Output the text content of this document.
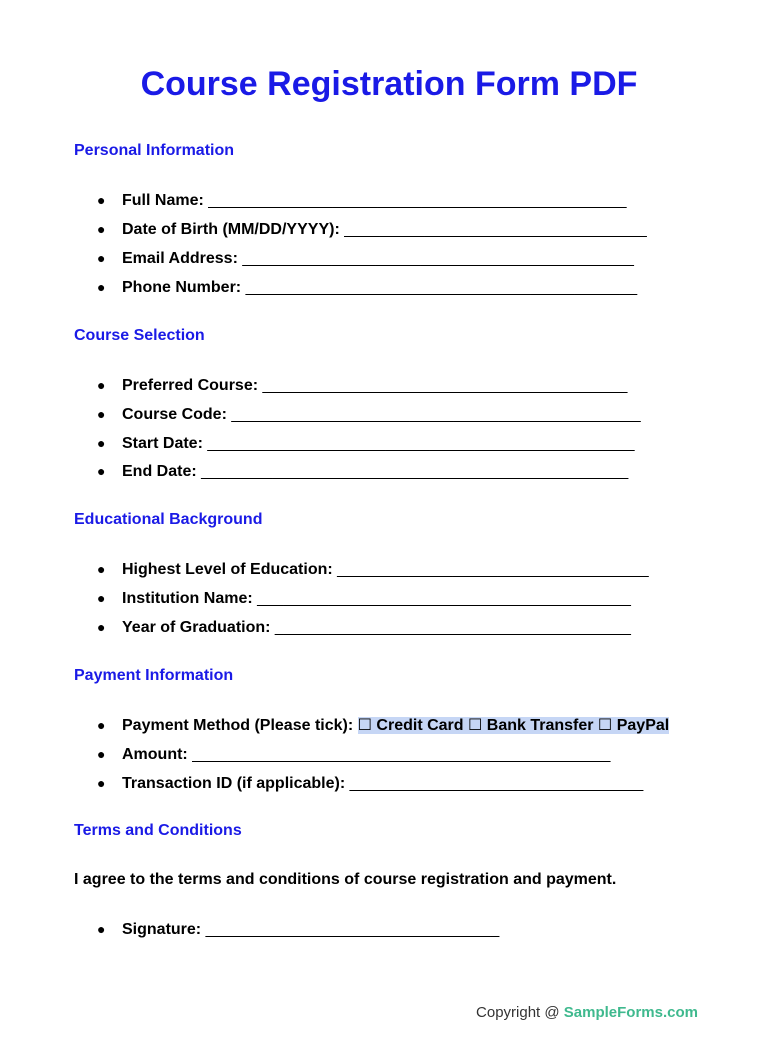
Course Registration Form PDF
Personal Information
● Full Name: _______________________________________________
● Date of Birth (MM/DD/YYYY): __________________________________
● Email Address: ____________________________________________
● Phone Number: ____________________________________________
Course Selection
● Preferred Course: _________________________________________
● Course Code: ______________________________________________
● Start Date: ________________________________________________
● End Date: ________________________________________________
Educational Background
● Highest Level of Education: ___________________________________
● Institution Name: __________________________________________
● Year of Graduation: ________________________________________
Payment Information
● Payment Method (Please tick): ☐ Credit Card ☐ Bank Transfer ☐ PayPal
● Amount: _______________________________________________
● Transaction ID (if applicable): _________________________________
Terms and Conditions
I agree to the terms and conditions of course registration and payment.
● Signature: _________________________________
Copyright @ SampleForms.com
